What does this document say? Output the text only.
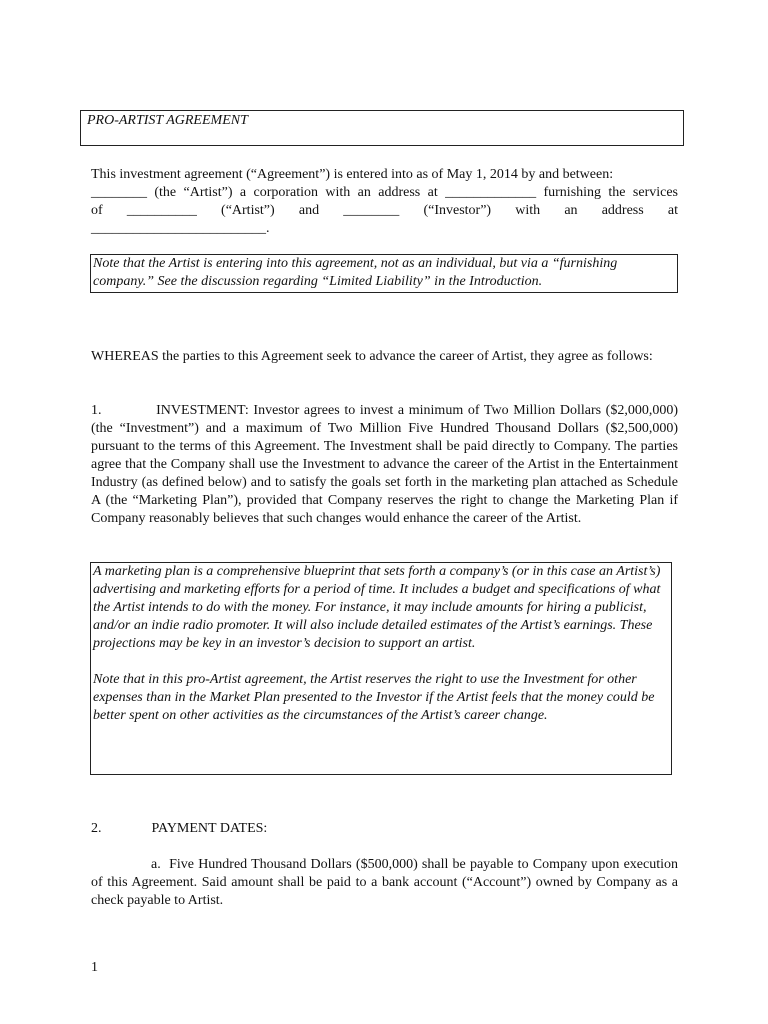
PRO-ARTIST AGREEMENT
This investment agreement (“Agreement”) is entered into as of May 1, 2014 by and between:

________ (the “Artist”) a corporation with an address at _____________ furnishing the services
of __________ (“Artist”) and ________ (“Investor”) with an address at
_________________________.

Note that the Artist is entering into this agreement, not as an individual, but via a “furnishing company.” See the discussion regarding “Limited Liability” in the Introduction.

WHEREAS the parties to this Agreement seek to advance the career of Artist, they agree as follows:

1.	INVESTMENT: Investor agrees to invest a minimum of Two Million Dollars ($2,000,000) (the “Investment”) and a maximum of Two Million Five Hundred Thousand Dollars ($2,500,000) pursuant to the terms of this Agreement. The Investment shall be paid directly to Company. The parties agree that the Company shall use the Investment to advance the career of the Artist in the Entertainment Industry (as defined below) and to satisfy the goals set forth in the marketing plan attached as Schedule A (the “Marketing Plan”), provided that Company reserves the right to change the Marketing Plan if Company reasonably believes that such changes would enhance the career of the Artist.

A marketing plan is a comprehensive blueprint that sets forth a company’s (or in this case an Artist’s) advertising and marketing efforts for a period of time. It includes a budget and specifications of what the Artist intends to do with the money. For instance, it may include amounts for hiring a publicist, and/or an indie radio promoter. It will also include detailed estimates of the Artist’s earnings. These projections may be key in an investor’s decision to support an artist.

Note that in this pro-Artist agreement, the Artist reserves the right to use the Investment for other expenses than in the Market Plan presented to the Investor if the Artist feels that the money could be better spent on other activities as the circumstances of the Artist’s career change.

2.	PAYMENT DATES:

a. Five Hundred Thousand Dollars ($500,000) shall be payable to Company upon execution of this Agreement. Said amount shall be paid to a bank account (“Account”) owned by Company as a check payable to Artist.

1
